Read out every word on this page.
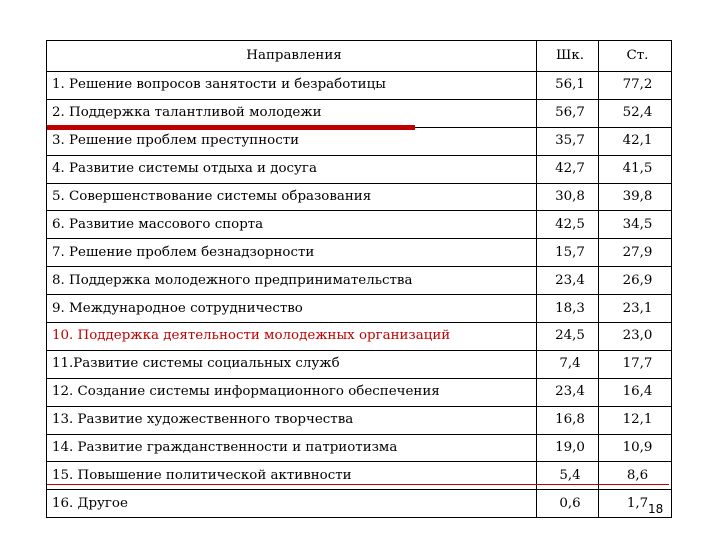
Направления	Шк.	Ст.
1. Решение вопросов занятости и безработицы	56,1	77,2
2. Поддержка талантливой молодежи	56,7	52,4
3. Решение проблем преступности	35,7	42,1
4. Развитие системы отдыха и досуга	42,7	41,5
5. Совершенствование системы образования	30,8	39,8
6. Развитие массового спорта	42,5	34,5
7. Решение проблем безнадзорности	15,7	27,9
8. Поддержка молодежного предпринимательства	23,4	26,9
9. Международное сотрудничество	18,3	23,1
10. Поддержка деятельности молодежных организаций	24,5	23,0
11.Развитие системы социальных служб	7,4	17,7
12. Создание системы информационного обеспечения	23,4	16,4
13. Развитие художественного творчества	16,8	12,1
14. Развитие гражданственности и патриотизма	19,0	10,9
15. Повышение политической активности	5,4	8,6
16. Другое	0,6	1,7 18
